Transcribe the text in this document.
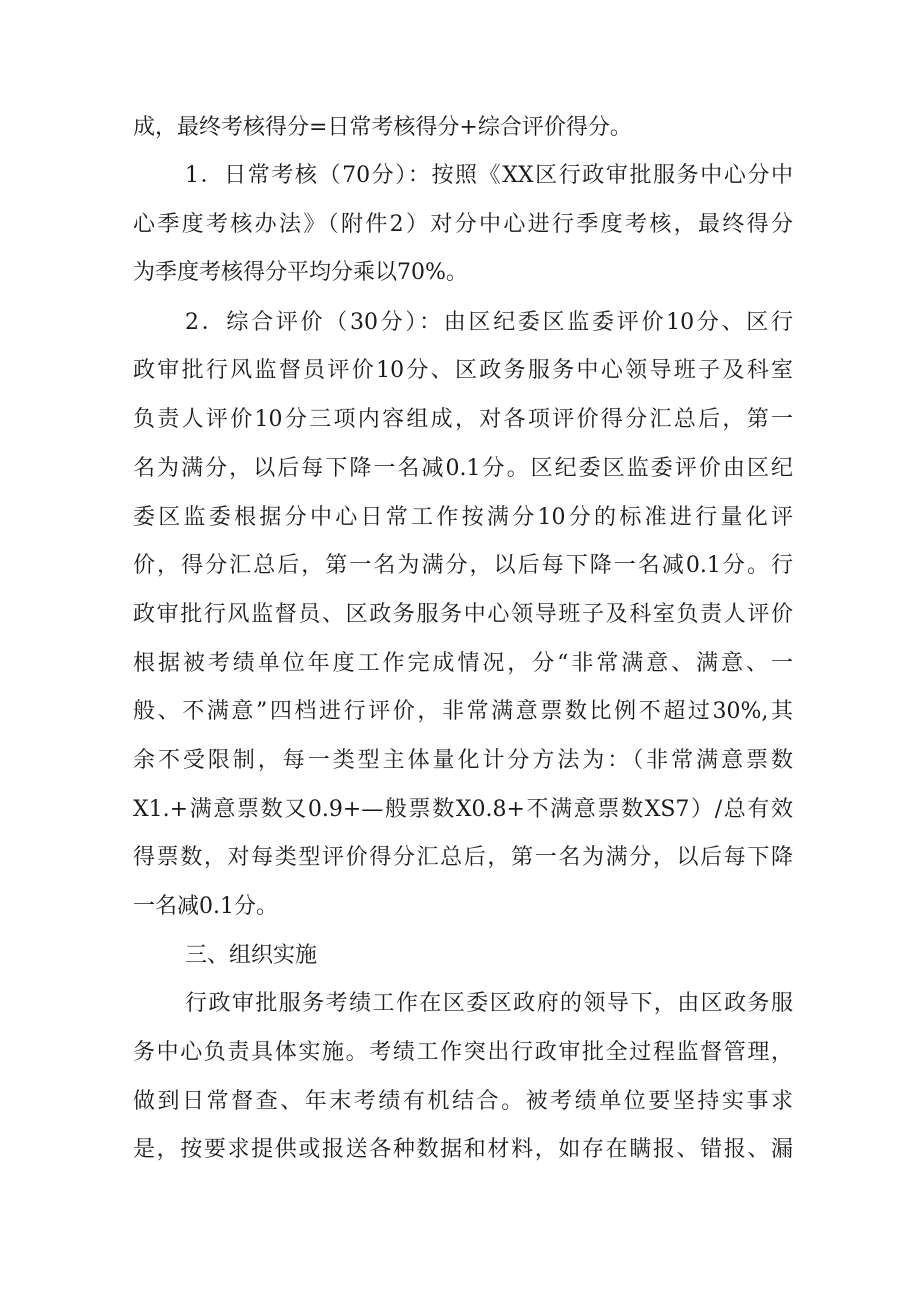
成，最终考核得分=日常考核得分+综合评价得分。
1．日常考核（70分）：按照《XX区行政审批服务中心分中
心季度考核办法》（附件2）对分中心进行季度考核，最终得分
为季度考核得分平均分乘以70%。
2．综合评价（30分）：由区纪委区监委评价10分、区行
政审批行风监督员评价10分、区政务服务中心领导班子及科室
负责人评价10分三项内容组成，对各项评价得分汇总后，第一
名为满分，以后每下降一名减0.1分。区纪委区监委评价由区纪
委区监委根据分中心日常工作按满分10分的标准进行量化评
价，得分汇总后，第一名为满分，以后每下降一名减0.1分。行
政审批行风监督员、区政务服务中心领导班子及科室负责人评价
根据被考绩单位年度工作完成情况，分“非常满意、满意、一
般、不满意”四档进行评价，非常满意票数比例不超过30%,其
余不受限制，每一类型主体量化计分方法为：（非常满意票数
X1.+满意票数又0.9+—般票数X0.8+不满意票数XS7）/总有效
得票数，对每类型评价得分汇总后，第一名为满分，以后每下降
一名减0.1分。
三、组织实施
行政审批服务考绩工作在区委区政府的领导下，由区政务服
务中心负责具体实施。考绩工作突出行政审批全过程监督管理，
做到日常督查、年末考绩有机结合。被考绩单位要坚持实事求
是，按要求提供或报送各种数据和材料，如存在瞒报、错报、漏
